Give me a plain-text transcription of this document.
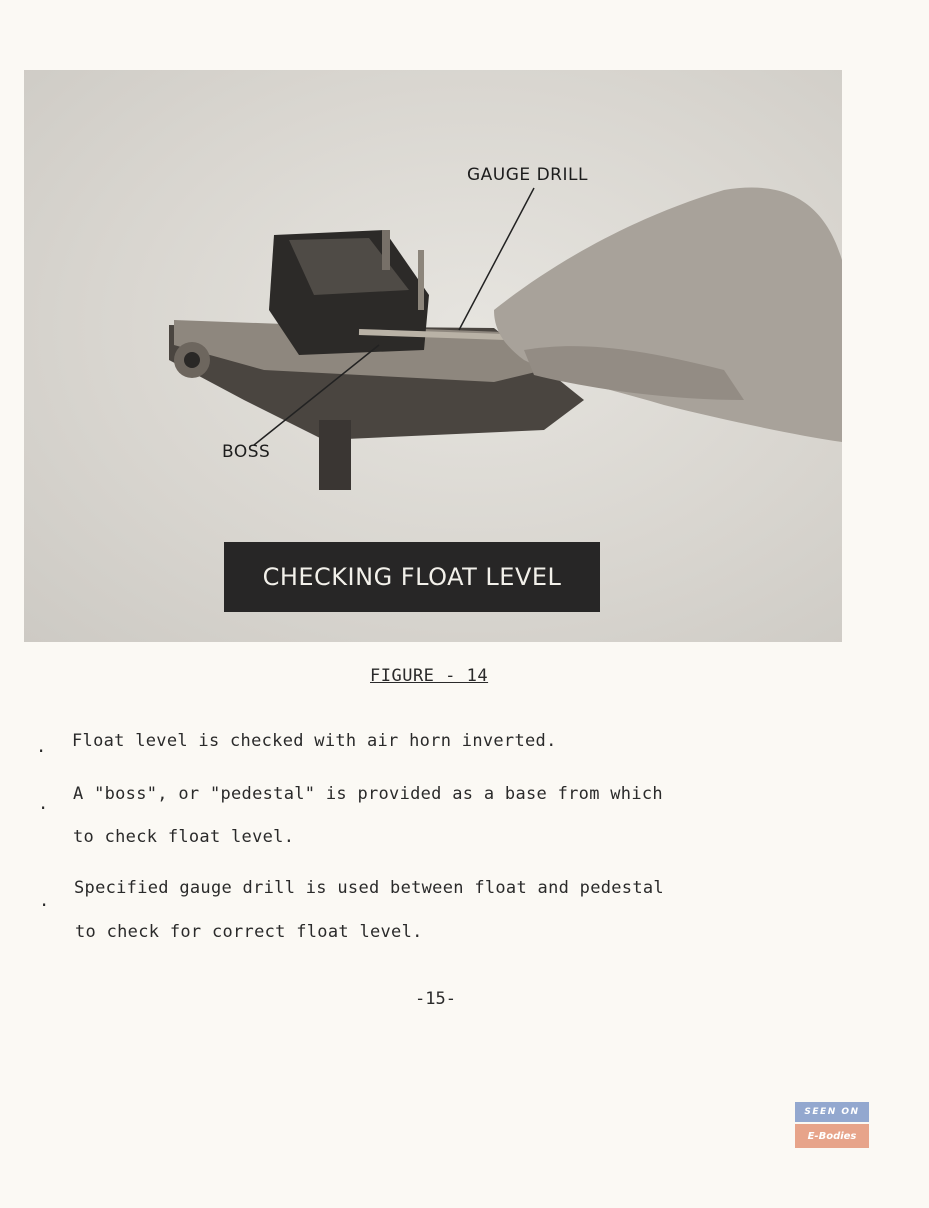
GAUGE DRILL
BOSS
CHECKING FLOAT LEVEL
FIGURE - 14
. Float level is checked with air horn inverted.
. A "boss", or "pedestal" is provided as a base from which
to check float level.
.
Specified gauge drill is used between float and pedestal
to check for correct float level.
-15-
SEEN ON
E-Bodies
